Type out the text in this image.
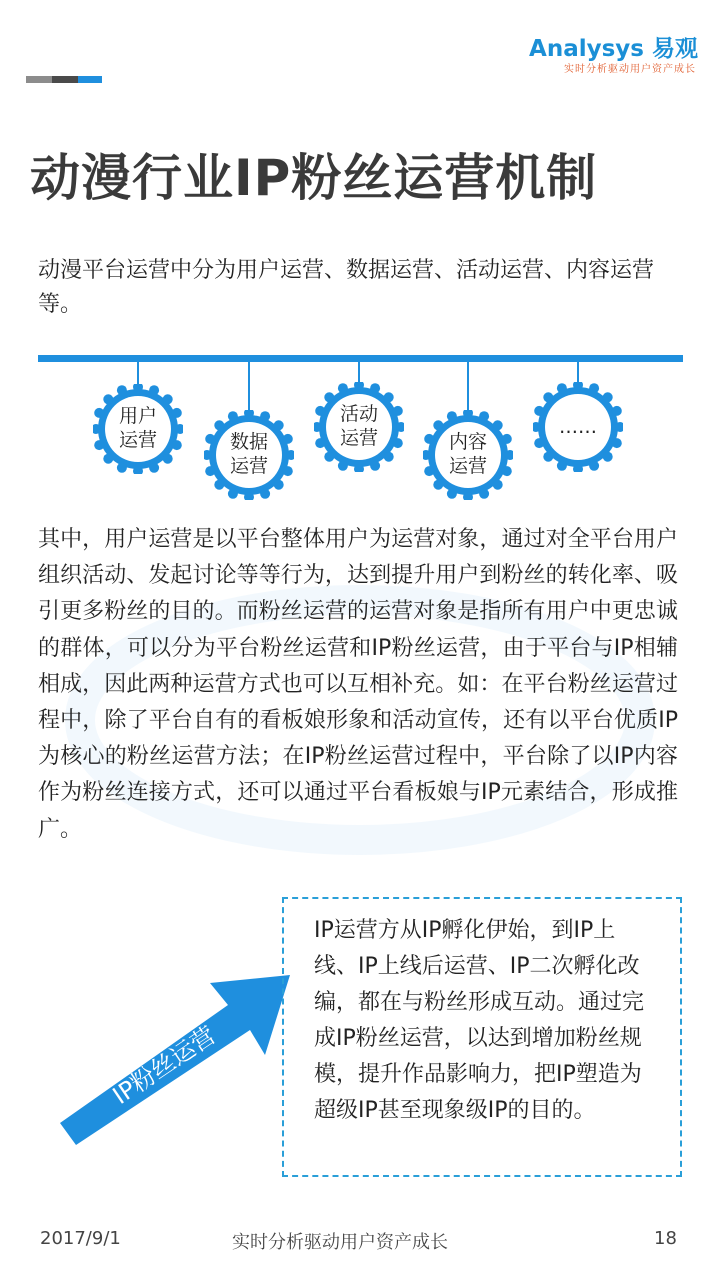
Analysys 易观
实时分析驱动用户资产成长
动漫行业IP粉丝运营机制
动漫平台运营中分为用户运营、数据运营、活动运营、内容运营等。
用户
运营	数据
运营
活动
运营	内容
运营
……
其中，用户运营是以平台整体用户为运营对象，通过对全平台用户组织活动、发起讨论等等行为，达到提升用户到粉丝的转化率、吸引更多粉丝的目的。而粉丝运营的运营对象是指所有用户中更忠诚的群体，可以分为平台粉丝运营和IP粉丝运营，由于平台与IP相辅相成，因此两种运营方式也可以互相补充。如：在平台粉丝运营过程中，除了平台自有的看板娘形象和活动宣传，还有以平台优质IP为核心的粉丝运营方法；在IP粉丝运营过程中，平台除了以IP内容作为粉丝连接方式，还可以通过平台看板娘与IP元素结合，形成推广。
IP粉丝运营
IP运营方从IP孵化伊始，到IP上线、IP上线后运营、IP二次孵化改编，都在与粉丝形成互动。通过完成IP粉丝运营，以达到增加粉丝规模，提升作品影响力，把IP塑造为超级IP甚至现象级IP的目的。
2017/9/1	实时分析驱动用户资产成长	18
